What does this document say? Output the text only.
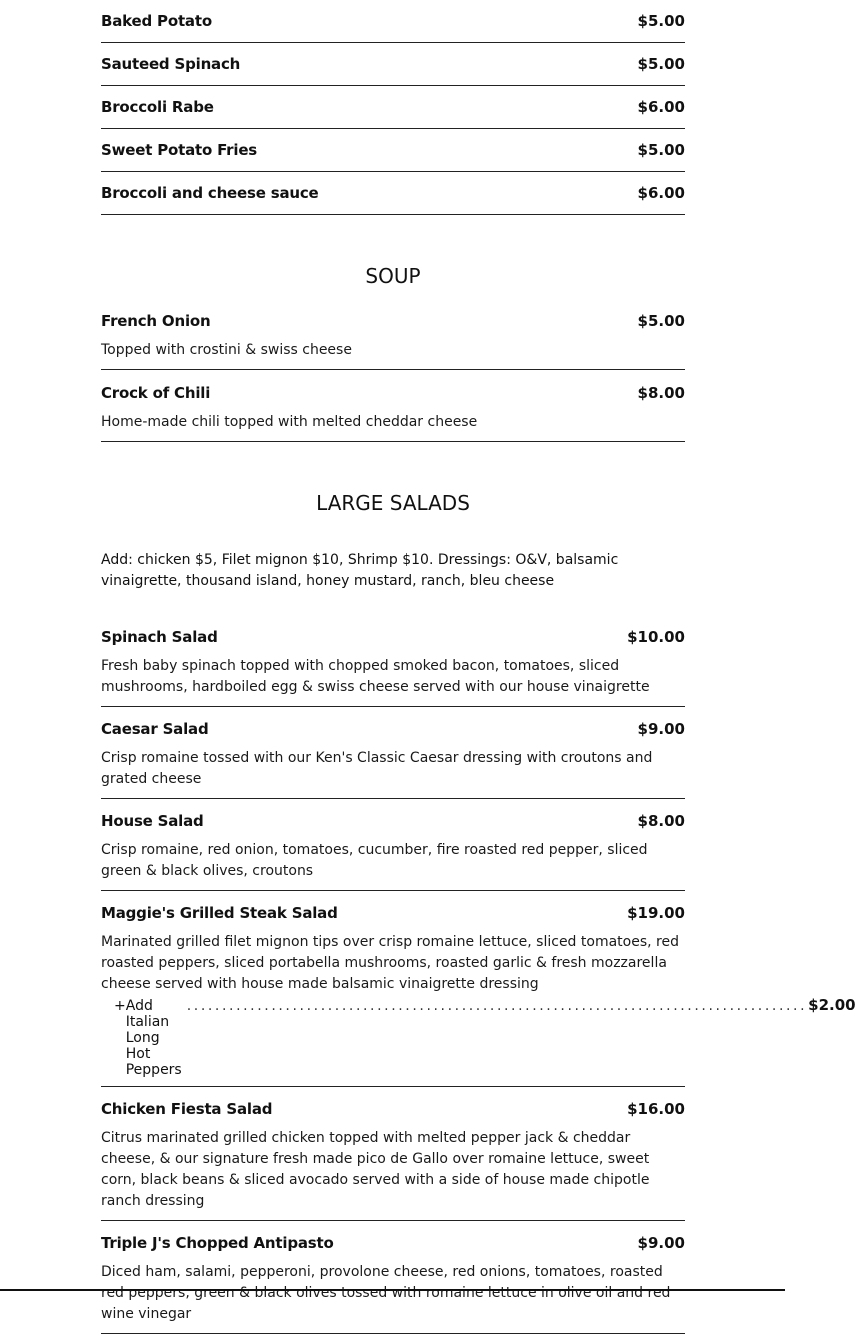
Baked Potato	$5.00
Sauteed Spinach	$5.00
Broccoli Rabe	$6.00
Sweet Potato Fries	$5.00
Broccoli and cheese sauce	$6.00
SOUP
French Onion	$5.00
Topped with crostini & swiss cheese
Crock of Chili	$8.00
Home-made chili topped with melted cheddar cheese
LARGE SALADS
Add: chicken $5, Filet mignon $10, Shrimp $10. Dressings: O&V, balsamic vinaigrette, thousand island, honey mustard, ranch, bleu cheese
Spinach Salad	$10.00
Fresh baby spinach topped with chopped smoked bacon, tomatoes, sliced mushrooms, hardboiled egg & swiss cheese served with our house vinaigrette
Caesar Salad	$9.00
Crisp romaine tossed with our Ken's Classic Caesar dressing with croutons and grated cheese
House Salad	$8.00
Crisp romaine, red onion, tomatoes, cucumber, fire roasted red pepper, sliced green & black olives, croutons
Maggie's Grilled Steak Salad	$19.00
Marinated grilled filet mignon tips over crisp romaine lettuce, sliced tomatoes, red roasted peppers, sliced portabella mushrooms, roasted garlic & fresh mozzarella cheese served with house made balsamic vinaigrette dressing
+ Add Italian Long Hot Peppers
........................................................................................ $2.00
Chicken Fiesta Salad	$16.00
Citrus marinated grilled chicken topped with melted pepper jack & cheddar cheese, & our signature fresh made pico de Gallo over romaine lettuce, sweet corn, black beans & sliced avocado served with a side of house made chipotle ranch dressing
Triple J's Chopped Antipasto	$9.00
Diced ham, salami, pepperoni, provolone cheese, red onions, tomatoes, roasted red peppers, green & black olives tossed with romaine lettuce in olive oil and red wine vinegar
